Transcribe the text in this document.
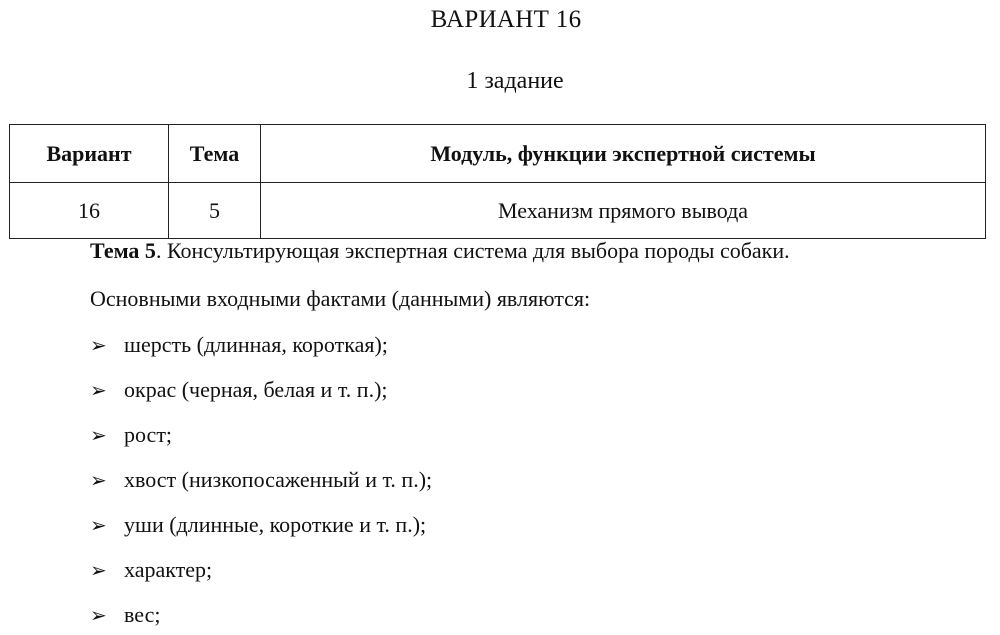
ВАРИАНТ 16
1 задание
Вариант	Тема	Модуль, функции экспертной системы
16	5	Механизм прямого вывода
Тема 5. Консультирующая экспертная система для выбора породы собаки.
Основными входными фактами (данными) являются:
➢ шерсть (длинная, короткая);
➢ окрас (черная, белая и т. п.);
➢ рост;
➢ хвост (низкопосаженный и т. п.);
➢ уши (длинные, короткие и т. п.);
➢ характер;
➢ вес;
